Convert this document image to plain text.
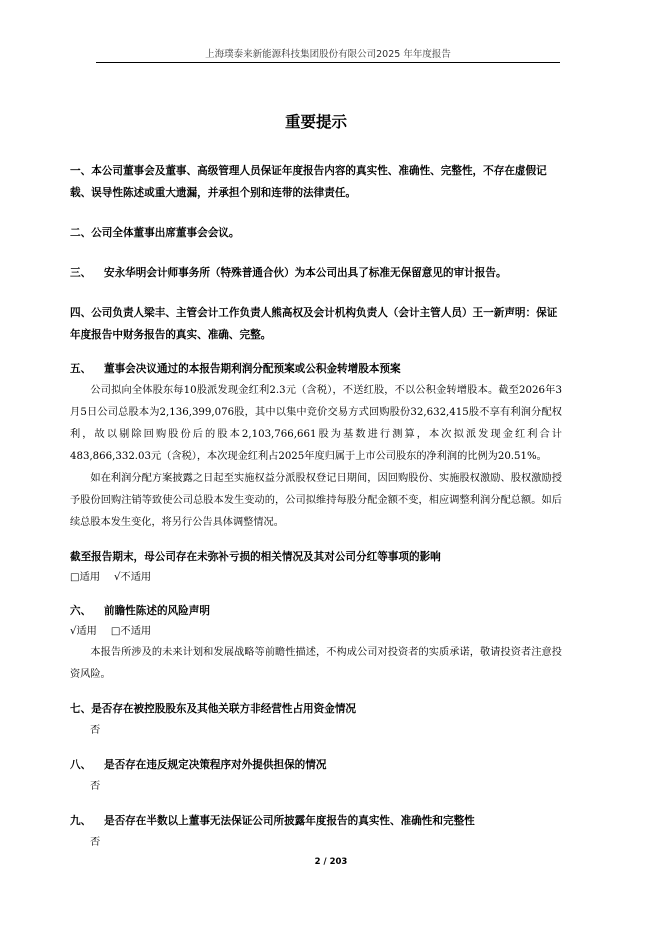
上海璞泰来新能源科技集团股份有限公司2025 年年度报告
重要提示
一、本公司董事会及董事、高级管理人员保证年度报告内容的真实性、准确性、完整性，不存在虚假记载、误导性陈述或重大遗漏，并承担个别和连带的法律责任。
二、公司全体董事出席董事会会议。
三、	安永华明会计师事务所（特殊普通合伙）为本公司出具了标准无保留意见的审计报告。
四、公司负责人梁丰、主管会计工作负责人熊高权及会计机构负责人（会计主管人员）王一新声明：保证年度报告中财务报告的真实、准确、完整。
五、	董事会决议通过的本报告期利润分配预案或公积金转增股本预案
公司拟向全体股东每10股派发现金红利2.3元（含税），不送红股，不以公积金转增股本。截至2026年3月5日公司总股本为2,136,399,076股，其中以集中竞价交易方式回购股份32,632,415股不享有利润分配权利，故以剔除回购股份后的股本2,103,766,661股为基数进行测算，本次拟派发现金红利合计483,866,332.03元（含税），本次现金红利占2025年度归属于上市公司股东的净利润的比例为20.51%。
如在利润分配方案披露之日起至实施权益分派股权登记日期间，因回购股份、实施股权激励、股权激励授予股份回购注销等致使公司总股本发生变动的，公司拟维持每股分配金额不变，相应调整利润分配总额。如后续总股本发生变化，将另行公告具体调整情况。
截至报告期末，母公司存在未弥补亏损的相关情况及其对公司分红等事项的影响
□适用 √不适用
六、	前瞻性陈述的风险声明
√适用 □不适用
本报告所涉及的未来计划和发展战略等前瞻性描述，不构成公司对投资者的实质承诺，敬请投资者注意投资风险。
七、是否存在被控股股东及其他关联方非经营性占用资金情况
否
八、	是否存在违反规定决策程序对外提供担保的情况
否
九、	是否存在半数以上董事无法保证公司所披露年度报告的真实性、准确性和完整性
否
2 / 203
